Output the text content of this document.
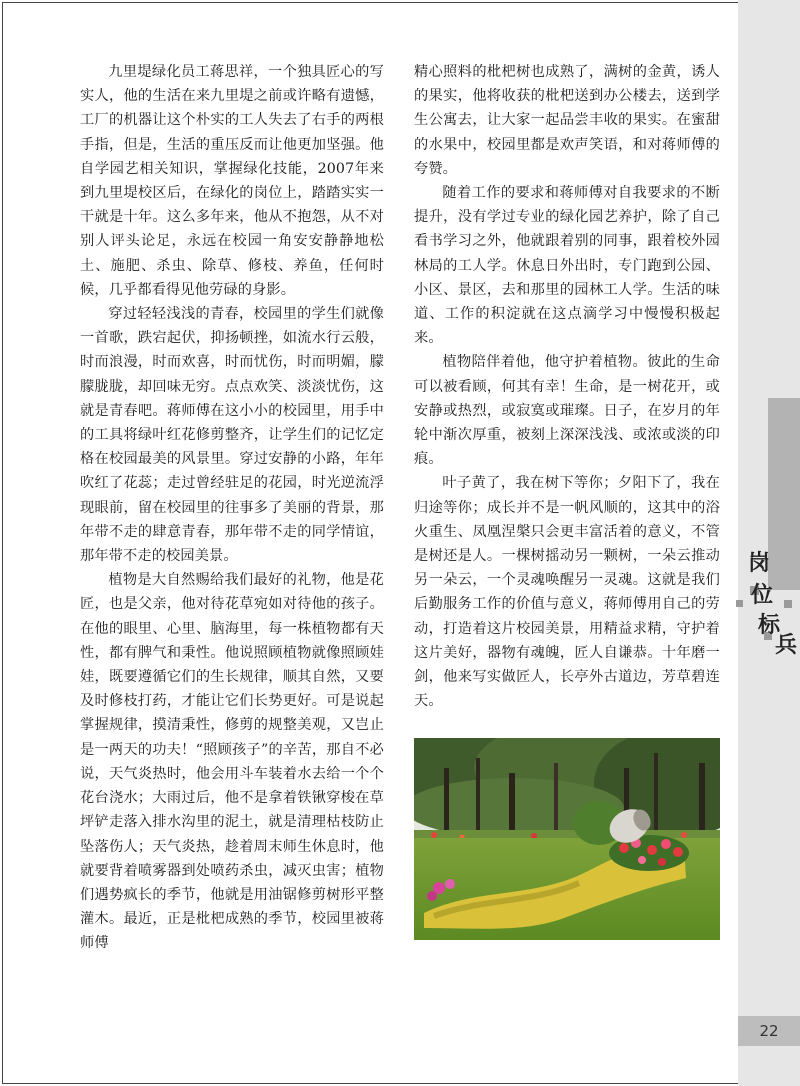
岗
位
标
兵
22

九里堤绿化员工蒋思祥，一个独具匠心的写实人，他的生活在来九里堤之前或许略有遗憾，工厂的机器让这个朴实的工人失去了右手的两根手指，但是，生活的重压反而让他更加坚强。他自学园艺相关知识，掌握绿化技能，2007年来到九里堤校区后，在绿化的岗位上，踏踏实实一干就是十年。这么多年来，他从不抱怨，从不对别人评头论足，永远在校园一角安安静静地松土、施肥、杀虫、除草、修枝、养鱼，任何时候，几乎都看得见他劳碌的身影。

穿过轻轻浅浅的青春，校园里的学生们就像一首歌，跌宕起伏，抑扬顿挫，如流水行云般，时而浪漫，时而欢喜，时而忧伤，时而明媚，朦朦胧胧，却回味无穷。点点欢笑、淡淡忧伤，这就是青春吧。蒋师傅在这小小的校园里，用手中的工具将绿叶红花修剪整齐，让学生们的记忆定格在校园最美的风景里。穿过安静的小路，年年吹红了花蕊；走过曾经驻足的花园，时光逆流浮现眼前，留在校园里的往事多了美丽的背景，那年带不走的肆意青春，那年带不走的同学情谊，那年带不走的校园美景。

植物是大自然赐给我们最好的礼物，他是花匠，也是父亲，他对待花草宛如对待他的孩子。在他的眼里、心里、脑海里，每一株植物都有天性，都有脾气和秉性。他说照顾植物就像照顾娃娃，既要遵循它们的生长规律，顺其自然，又要及时修枝打药，才能让它们长势更好。可是说起掌握规律，摸清秉性，修剪的规整美观，又岂止是一两天的功夫！“照顾孩子”的辛苦，那自不必说，天气炎热时，他会用斗车装着水去给一个个花台浇水；大雨过后，他不是拿着铁锹穿梭在草坪铲走落入排水沟里的泥土，就是清理枯枝防止坠落伤人；天气炎热，趁着周末师生休息时，他就要背着喷雾器到处喷药杀虫，减灭虫害；植物们遇势疯长的季节，他就是用油锯修剪树形平整灌木。最近，正是枇杷成熟的季节，校园里被蒋师傅

精心照料的枇杷树也成熟了，满树的金黄，诱人的果实，他将收获的枇杷送到办公楼去，送到学生公寓去，让大家一起品尝丰收的果实。在蜜甜的水果中，校园里都是欢声笑语，和对蒋师傅的夸赞。

随着工作的要求和蒋师傅对自我要求的不断提升，没有学过专业的绿化园艺养护，除了自己看书学习之外，他就跟着别的同事，跟着校外园林局的工人学。休息日外出时，专门跑到公园、小区、景区，去和那里的园林工人学。生活的味道、工作的积淀就在这点滴学习中慢慢积极起来。

植物陪伴着他，他守护着植物。彼此的生命可以被看顾，何其有幸！生命，是一树花开，或安静或热烈，或寂寞或璀璨。日子，在岁月的年轮中渐次厚重，被刻上深深浅浅、或浓或淡的印痕。

叶子黄了，我在树下等你；夕阳下了，我在归途等你；成长并不是一帆风顺的，这其中的浴火重生、凤凰涅槃只会更丰富活着的意义，不管是树还是人。一棵树摇动另一颗树，一朵云推动另一朵云，一个灵魂唤醒另一灵魂。这就是我们后勤服务工作的价值与意义，蒋师傅用自己的劳动，打造着这片校园美景，用精益求精，守护着这片美好，器物有魂魄，匠人自谦恭。十年磨一剑，他来写实做匠人，长亭外古道边，芳草碧连天。
